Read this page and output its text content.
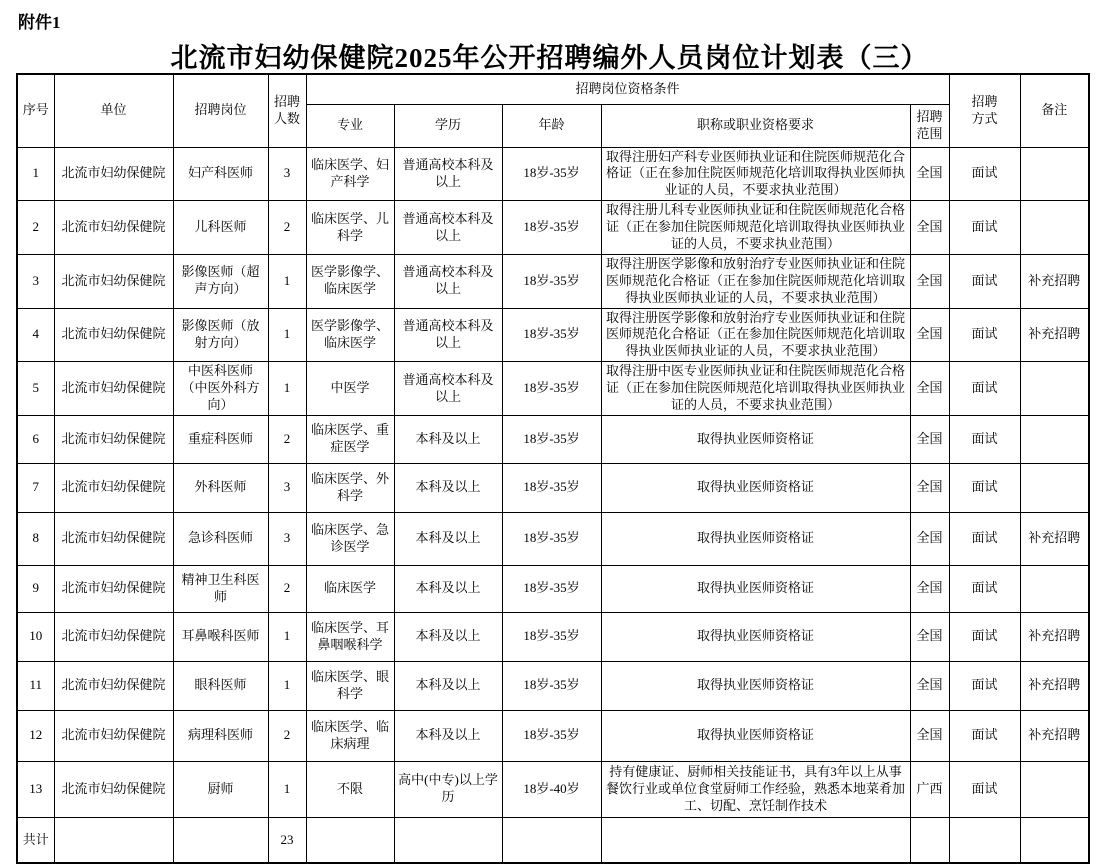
附件1
北流市妇幼保健院2025年公开招聘编外人员岗位计划表（三）
序号	单位	招聘岗位	招聘人数	招聘岗位资格条件					招聘方式	备注
				专业	学历	年龄	职称或职业资格要求	招聘范围		
1	北流市妇幼保健院	妇产科医师	3	临床医学、妇产科学	普通高校本科及以上	18岁-35岁	取得注册妇产科专业医师执业证和住院医师规范化合格证（正在参加住院医师规范化培训取得执业医师执业证的人员，不要求执业范围）	全国	面试	
2	北流市妇幼保健院	儿科医师	2	临床医学、儿科学	普通高校本科及以上	18岁-35岁	取得注册儿科专业医师执业证和住院医师规范化合格证（正在参加住院医师规范化培训取得执业医师执业证的人员，不要求执业范围）	全国	面试	
3	北流市妇幼保健院	影像医师（超声方向）	1	医学影像学、临床医学	普通高校本科及以上	18岁-35岁	取得注册医学影像和放射治疗专业医师执业证和住院医师规范化合格证（正在参加住院医师规范化培训取得执业医师执业证的人员，不要求执业范围）	全国	面试	补充招聘
4	北流市妇幼保健院	影像医师（放射方向）	1	医学影像学、临床医学	普通高校本科及以上	18岁-35岁	取得注册医学影像和放射治疗专业医师执业证和住院医师规范化合格证（正在参加住院医师规范化培训取得执业医师执业证的人员，不要求执业范围）	全国	面试	补充招聘
5	北流市妇幼保健院	中医科医师（中医外科方向）	1	中医学	普通高校本科及以上	18岁-35岁	取得注册中医专业医师执业证和住院医师规范化合格证（正在参加住院医师规范化培训取得执业医师执业证的人员，不要求执业范围）	全国	面试	
6	北流市妇幼保健院	重症科医师	2	临床医学、重症医学	本科及以上	18岁-35岁	取得执业医师资格证	全国	面试	
7	北流市妇幼保健院	外科医师	3	临床医学、外科学	本科及以上	18岁-35岁	取得执业医师资格证	全国	面试	
8	北流市妇幼保健院	急诊科医师	3	临床医学、急诊医学	本科及以上	18岁-35岁	取得执业医师资格证	全国	面试	补充招聘
9	北流市妇幼保健院	精神卫生科医师	2	临床医学	本科及以上	18岁-35岁	取得执业医师资格证	全国	面试	
10	北流市妇幼保健院	耳鼻喉科医师	1	临床医学、耳鼻咽喉科学	本科及以上	18岁-35岁	取得执业医师资格证	全国	面试	补充招聘
11	北流市妇幼保健院	眼科医师	1	临床医学、眼科学	本科及以上	18岁-35岁	取得执业医师资格证	全国	面试	补充招聘
12	北流市妇幼保健院	病理科医师	2	临床医学、临床病理	本科及以上	18岁-35岁	取得执业医师资格证	全国	面试	补充招聘
13	北流市妇幼保健院	厨师	1	不限	高中(中专)以上学历	18岁-40岁	持有健康证、厨师相关技能证书，具有3年以上从事餐饮行业或单位食堂厨师工作经验，熟悉本地菜肴加工、切配、烹饪制作技术	广西	面试	
共计			23							
